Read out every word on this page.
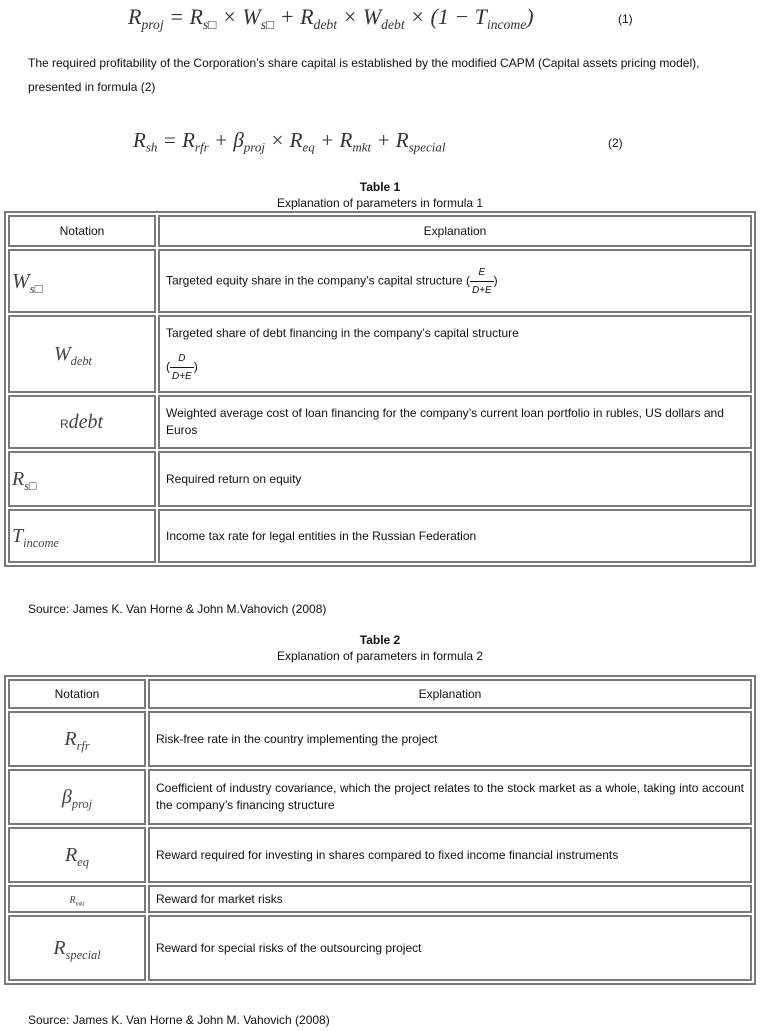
$R_{proj} = R_{s□} \times W_{s□} + R_{debt} \times W_{debt} \times (1 - T_{income})$	(1)
The required profitability of the Corporation’s share capital is established by the modified CAPM (Capital assets pricing model), presented in formula (2)
$R_{sh} = R_{rfr} + \beta_{proj} \times R_{eq} + R_{mkt} + R_{special}$	(2)
Table 1
Explanation of parameters in formula 1
Notation	Explanation
$W_{s□}$	Targeted equity share in the company’s capital structure ( $\frac{E}{D+E}$ )
$W_{debt}$	Targeted share of debt financing in the company’s capital structure
( $\frac{D}{D+E}$ )

Rdebt	Weighted average cost of loan financing for the company’s current loan portfolio in rubles, US dollars and Euros
$R_{s□}$	Required return on equity
$T_{income}$	Income tax rate for legal entities in the Russian Federation
Source: James K. Van Horne & John M.Vahovich (2008)
Table 2
Explanation of parameters in formula 2
Notation	Explanation
$R_{rfr}$	Risk-free rate in the country implementing the project
$\beta_{proj}$	Coefficient of industry covariance, which the project relates to the stock market as a whole, taking into account the company’s financing structure
$R_{eq}$	Reward required for investing in shares compared to fixed income financial instruments
$R_{mkt}$	Reward for market risks
$R_{special}$	Reward for special risks of the outsourcing project
Source: James K. Van Horne & John M. Vahovich (2008)
